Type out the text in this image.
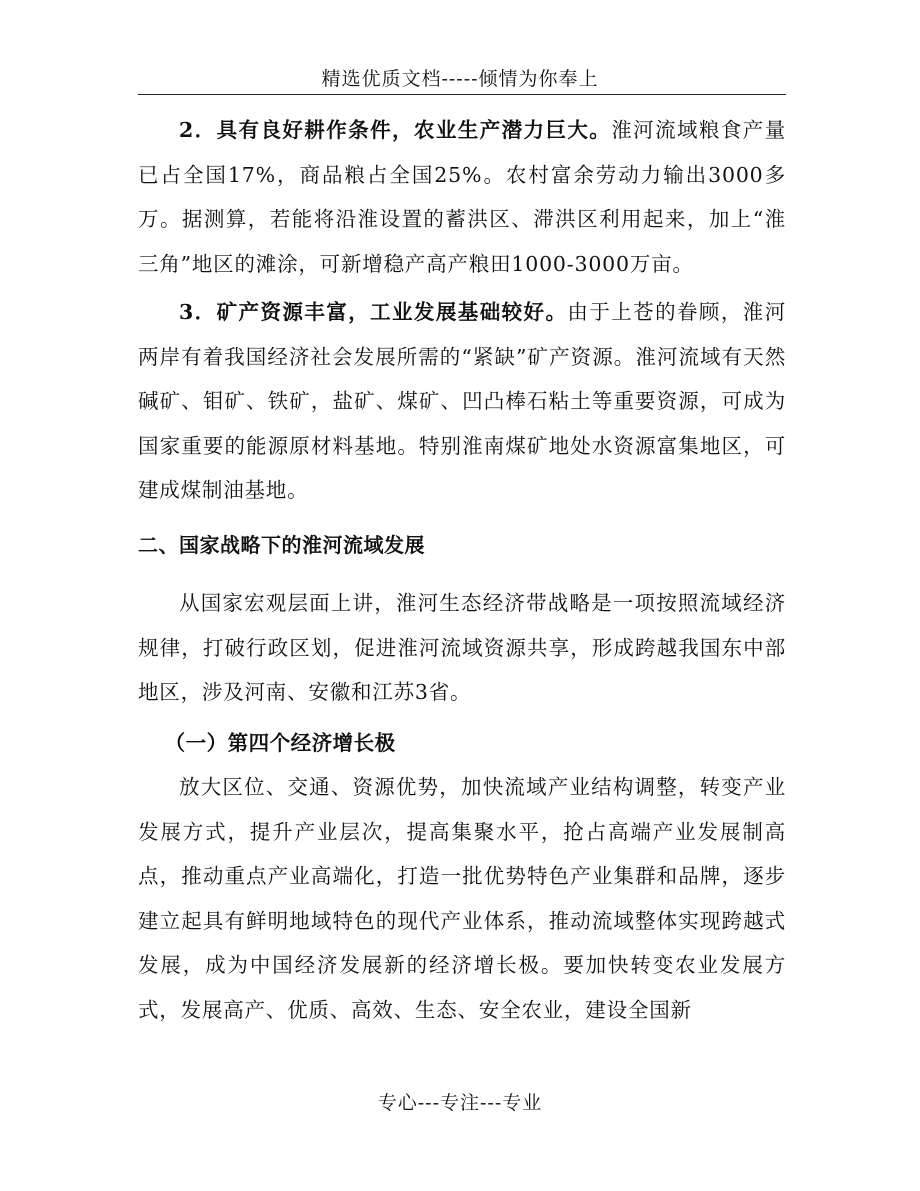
精选优质文档-----倾情为你奉上

2．具有良好耕作条件，农业生产潜力巨大。淮河流域粮食产量已占全国17%，商品粮占全国25%。农村富余劳动力输出3000多万。据测算，若能将沿淮设置的蓄洪区、滞洪区利用起来，加上“淮三角”地区的滩涂，可新增稳产高产粮田1000-3000万亩。

3．矿产资源丰富，工业发展基础较好。由于上苍的眷顾，淮河两岸有着我国经济社会发展所需的“紧缺”矿产资源。淮河流域有天然碱矿、钼矿、铁矿，盐矿、煤矿、凹凸棒石粘土等重要资源，可成为国家重要的能源原材料基地。特别淮南煤矿地处水资源富集地区，可建成煤制油基地。

二、国家战略下的淮河流域发展

从国家宏观层面上讲，淮河生态经济带战略是一项按照流域经济规律，打破行政区划，促进淮河流域资源共享，形成跨越我国东中部地区，涉及河南、安徽和江苏3省。

（一）第四个经济增长极

放大区位、交通、资源优势，加快流域产业结构调整，转变产业发展方式，提升产业层次，提高集聚水平，抢占高端产业发展制高点，推动重点产业高端化，打造一批优势特色产业集群和品牌，逐步建立起具有鲜明地域特色的现代产业体系，推动流域整体实现跨越式发展，成为中国经济发展新的经济增长极。要加快转变农业发展方式，发展高产、优质、高效、生态、安全农业，建设全国新

专心---专注---专业
